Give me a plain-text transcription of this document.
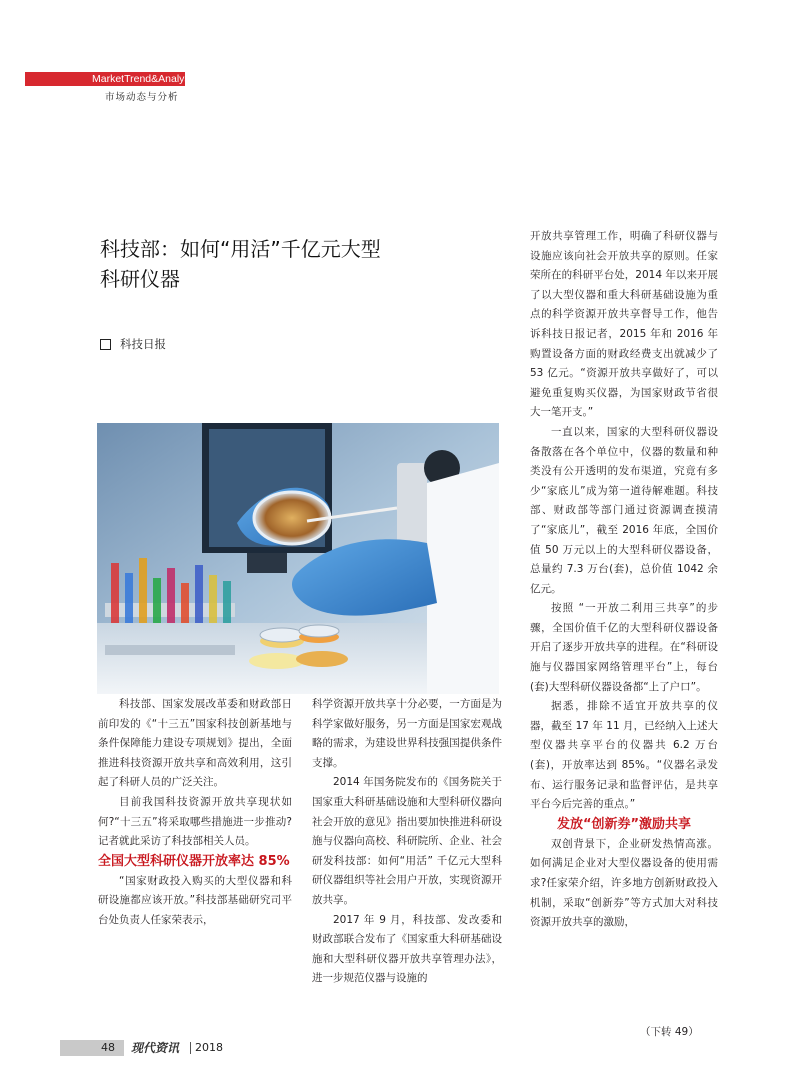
MarketTrend&Analysis
市场动态与分析
科技部：如何“用活”千亿元大型
科研仪器
科技日报

科技部、国家发展改革委和财政部日前印发的《“十三五”国家科技创新基地与条件保障能力建设专项规划》提出，全面推进科技资源开放共享和高效利用，这引起了科研人员的广泛关注。

目前我国科技资源开放共享现状如何?“十三五”将采取哪些措施进一步推动?记者就此采访了科技部相关人员。

全国大型科研仪器开放率达 85%

“国家财政投入购买的大型仪器和科研设施都应该开放。”科技部基础研究司平台处负责人任家荣表示，

科学资源开放共享十分必要，一方面是为科学家做好服务，另一方面是国家宏观战略的需求，为建设世界科技强国提供条件支撑。

2014 年国务院发布的《国务院关于国家重大科研基础设施和大型科研仪器向社会开放的意见》指出要加快推进科研设施与仪器向高校、科研院所、企业、社会研发科技部：如何“用活” 千亿元大型科研仪器组织等社会用户开放，实现资源开放共享。

2017 年 9 月，科技部、发改委和财政部联合发布了《国家重大科研基础设施和大型科研仪器开放共享管理办法》，进一步规范仪器与设施的

开放共享管理工作，明确了科研仪器与设施应该向社会开放共享的原则。任家荣所在的科研平台处，2014 年以来开展了以大型仪器和重大科研基础设施为重点的科学资源开放共享督导工作，他告诉科技日报记者，2015 年和 2016 年购置设备方面的财政经费支出就减少了 53 亿元。“资源开放共享做好了，可以避免重复购买仪器，为国家财政节省很大一笔开支。”

一直以来，国家的大型科研仪器设备散落在各个单位中，仪器的数量和种类没有公开透明的发布渠道，究竟有多少“家底儿”成为第一道待解难题。科技部、财政部等部门通过资源调查摸清了“家底儿”，截至 2016 年底，全国价值 50 万元以上的大型科研仪器设备，总量约 7.3 万台(套)，总价值 1042 余亿元。

按照 “一开放二利用三共享”的步骤，全国价值千亿的大型科研仪器设备开启了逐步开放共享的进程。在“科研设施与仪器国家网络管理平台”上，每台(套)大型科研仪器设备都“上了户口”。

据悉，排除不适宜开放共享的仪器，截至 17 年 11 月，已经纳入上述大型仪器共享平台的仪器共 6.2 万台(套)，开放率达到 85%。“仪器名录发布、运行服务记录和监督评估，是共享平台今后完善的重点。”

发放“创新券”激励共享

双创背景下，企业研发热情高涨。如何满足企业对大型仪器设备的使用需求?任家荣介绍，许多地方创新财政投入机制，采取“创新券”等方式加大对科技资源开放共享的激励，

（下转 49）
48 现代资讯 2018
